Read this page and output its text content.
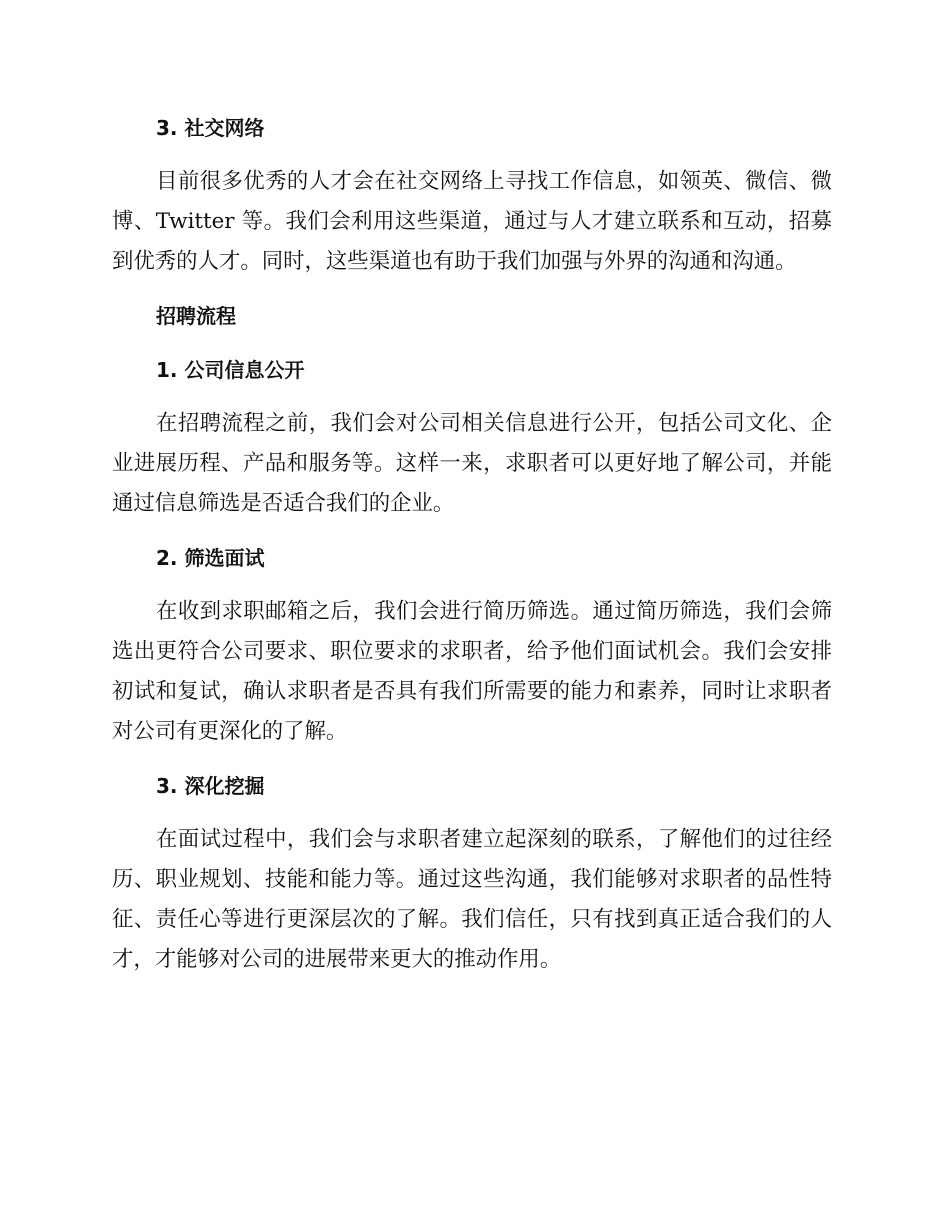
3. 社交网络

目前很多优秀的人才会在社交网络上寻找工作信息，如领英、微信、微博、Twitter 等。我们会利用这些渠道，通过与人才建立联系和互动，招募到优秀的人才。同时，这些渠道也有助于我们加强与外界的沟通和沟通。

招聘流程
1. 公司信息公开

在招聘流程之前，我们会对公司相关信息进行公开，包括公司文化、企业进展历程、产品和服务等。这样一来，求职者可以更好地了解公司，并能通过信息筛选是否适合我们的企业。

2. 筛选面试

在收到求职邮箱之后，我们会进行简历筛选。通过简历筛选，我们会筛选出更符合公司要求、职位要求的求职者，给予他们面试机会。我们会安排初试和复试，确认求职者是否具有我们所需要的能力和素养，同时让求职者对公司有更深化的了解。

3. 深化挖掘

在面试过程中，我们会与求职者建立起深刻的联系，了解他们的过往经历、职业规划、技能和能力等。通过这些沟通，我们能够对求职者的品性特征、责任心等进行更深层次的了解。我们信任，只有找到真正适合我们的人才，才能够对公司的进展带来更大的推动作用。
